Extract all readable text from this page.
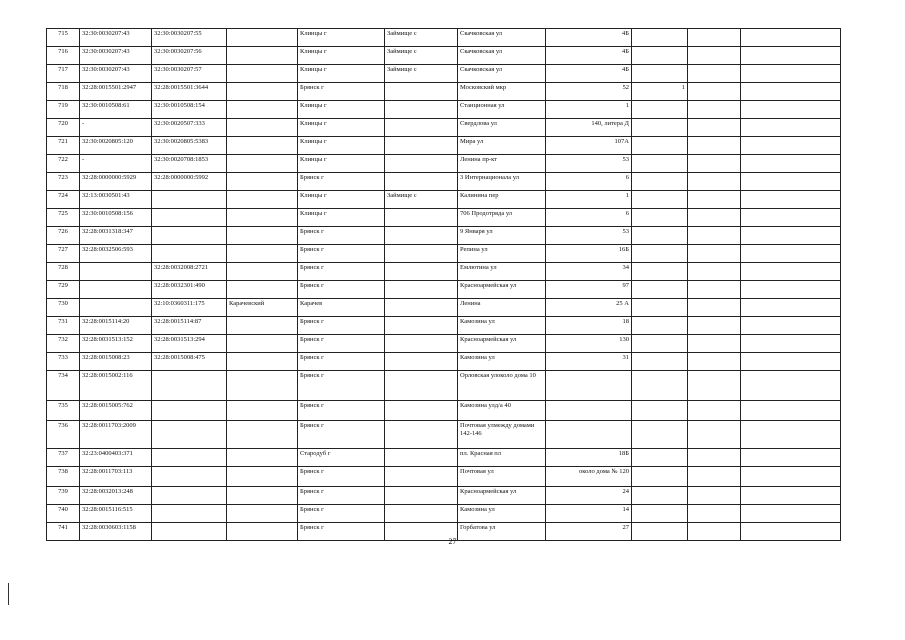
715	32:30:0030207:43	32:30:0030207:55		Клинцы г	Займище с	Скачковская ул	4Б			
716	32:30:0030207:43	32:30:0030207:56		Клинцы г	Займище с	Скачковская ул	4Б			
717	32:30:0030207:43	32:30:0030207:57		Клинцы г	Займище с	Скачковская ул	4Б			
718	32:28:0015501:2947	32:28:0015501:3644		Брянск г		Московский мкр	52	1		
719	32:30:0010508:61	32:30:0010508:154		Клинцы г		Станционная ул	1			
720	-	32:30:0020507:333		Клинцы г		Свердлова ул	140, литера Д			
721	32:30:0020805:120	32:30:0020805:5383		Клинцы г		Мира ул	107А			
722	-	32:30:0020708:1853		Клинцы г		Ленина пр-кт	53			
723	32:28:0000000:5929	32:28:0000000:5992		Брянск г		3 Интернационала ул	6			
724	32:13:0030501:43			Клинцы г	Займище с	Калинина пер	1			
725	32:30:0010508:156			Клинцы г		706 Продотряда ул	6			
726	32:28:0031318:347			Брянск г		9 Января ул	53			
727	32:28:0032506:593			Брянск г		Репина ул	16Б			
728		32:28:0032008:2721		Брянск г		Емлютина ул	34			
729		32:28:0032301:490		Брянск г		Красноармейская ул	97			
730		32:10:0360311:175	Карачевский	Карачев		Ленина	25 А			
731	32:28:0015114:20	32:28:0015114:87		Брянск г		Камозина ул	18			
732	32:28:0031513:152	32:28:0031513:294		Брянск г		Красноармейская ул	130			
733	32:28:0015008:23	32:28:0015008:475		Брянск г		Камозина ул	31			
734	32:28:0015002:116			Брянск г		Орловская улоколо дома 10				
735	32:28:0015005:762			Брянск г		Камозина улд/а 40				
736	32:28:0011703:2009			Брянск г		Почтовая улмежду домами 142-146				
737	32:23:0400403:371			Стародуб г		пл. Красная пл	18Б			
738	32:28:0011703:113			Брянск г		Почтовая ул	около дома № 120			
739	32:28:0032013:248			Брянск г		Красноармейская ул	24			
740	32:28:0015116:515			Брянск г		Камозина ул	14			
741	32:28:0030603:1158			Брянск г		Горбатова ул	27			
27
